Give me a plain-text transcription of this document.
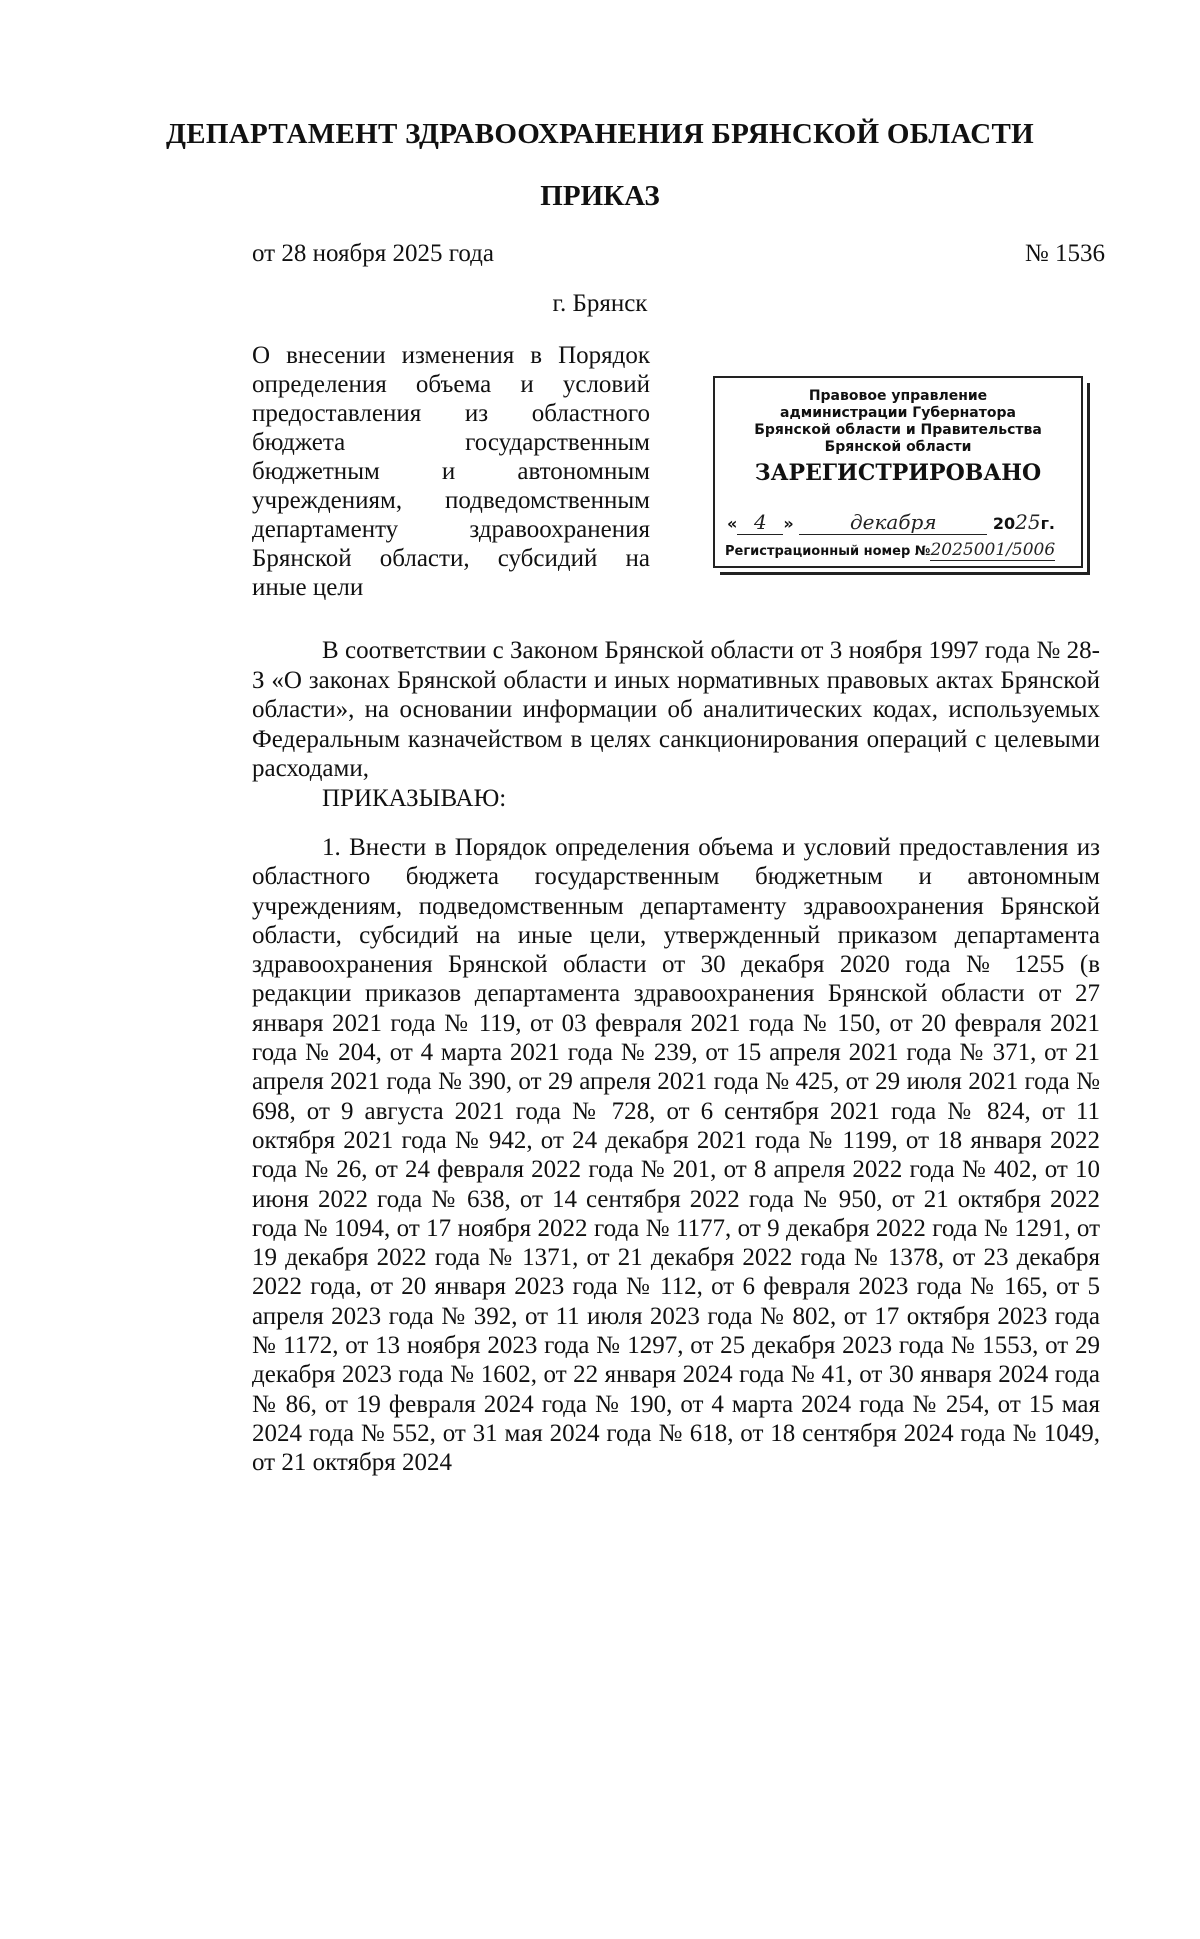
ДЕПАРТАМЕНТ ЗДРАВООХРАНЕНИЯ БРЯНСКОЙ ОБЛАСТИ
ПРИКАЗ
от 28 ноября 2025 года	№ 1536
г. Брянск
О внесении изменения в Порядок
определения объема и условий
предоставления из областного
бюджета государственным
бюджетным и автономным
учреждениям, подведомственным
департаменту здравоохранения
Брянской области, субсидий на
иные цели
Правовое управление
администрации Губернатора
Брянской области и Правительства
Брянской области
ЗАРЕГИСТРИРОВАНО
« 4 »	декабря	2025г.
Регистрационный номер №2025001/5006

В соответствии с Законом Брянской области от 3 ноября 1997 года № 28-З «О законах Брянской области и иных нормативных правовых актах Брянской области», на основании информации об аналитических кодах, используемых Федеральным казначейством в целях санкционирования операций с целевыми расходами,

ПРИКАЗЫВАЮ:

1. Внести в Порядок определения объема и условий предоставления из областного бюджета государственным бюджетным и автономным учреждениям, подведомственным департаменту здравоохранения Брянской области, субсидий на иные цели, утвержденный приказом департамента здравоохранения Брянской области от 30 декабря 2020 года № 1255 (в редакции приказов департамента здравоохранения Брянской области от 27 января 2021 года № 119, от 03 февраля 2021 года № 150, от 20 февраля 2021 года № 204, от 4 марта 2021 года № 239, от 15 апреля 2021 года № 371, от 21 апреля 2021 года № 390, от 29 апреля 2021 года № 425, от 29 июля 2021 года № 698, от 9 августа 2021 года № 728, от 6 сентября 2021 года № 824, от 11 октября 2021 года № 942, от 24 декабря 2021 года № 1199, от 18 января 2022 года № 26, от 24 февраля 2022 года № 201, от 8 апреля 2022 года № 402, от 10 июня 2022 года № 638, от 14 сентября 2022 года № 950, от 21 октября 2022 года № 1094, от 17 ноября 2022 года № 1177, от 9 декабря 2022 года № 1291, от 19 декабря 2022 года № 1371, от 21 декабря 2022 года № 1378, от 23 декабря 2022 года, от 20 января 2023 года № 112, от 6 февраля 2023 года № 165, от 5 апреля 2023 года № 392, от 11 июля 2023 года № 802, от 17 октября 2023 года № 1172, от 13 ноября 2023 года № 1297, от 25 декабря 2023 года № 1553, от 29 декабря 2023 года № 1602, от 22 января 2024 года № 41, от 30 января 2024 года № 86, от 19 февраля 2024 года № 190, от 4 марта 2024 года № 254, от 15 мая 2024 года № 552, от 31 мая 2024 года № 618, от 18 сентября 2024 года № 1049, от 21 октября 2024
